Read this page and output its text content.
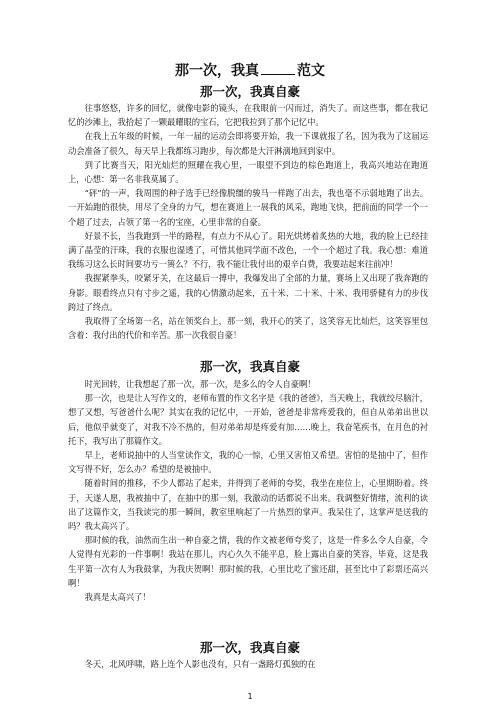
那一次，我真	范文
那一次，我真自豪

往事悠悠，许多的回忆，就像电影的镜头，在我眼前一闪而过，消失了。而这些事，都在我记忆的沙滩上，我拾起了一颗最耀眼的宝石，它把我拉到了那个记忆中。

在我上五年级的时候，一年一届的运动会即将要开始，我一下课就报了名，因为我为了这届运动会准备了很久，每天早上我都练习跑步，每次都是大汗淋漓地回到家中。

到了比赛当天，阳光灿烂的照耀在我心里，一眼望不到边的棕色跑道上，我高兴地站在跑道上，心想：第一名非我莫属了。

“砰”的一声，我周围的种子选手已经像脱缰的骏马一样跑了出去，我也毫不示弱地跑了出去。一开始跑的很快，用尽了全身的力气，想在赛道上一展我的风采，跑地飞快，把前面的同学一个一个超了过去，占领了第一名的宝座，心里非常的自豪。

好景不长，当我跑到一半的路程，有点力不从心了。阳光烘烤着炙热的大地，我的脸上已经挂满了晶莹的汗珠，我的衣服也湿透了，可惜其他同学面不改色，一个一个超过了我。我心想：难道我练习这么长时间要功亏一篑么？不行，我不能让我付出的艰辛白费，我要站起来往前冲！

我握紧拳头，咬紧牙关，在这最后一搏中，我爆发出了全部的力量，赛场上又出现了我奔跑的身影。眼看终点只有寸步之遥，我的心情激动起来，五十米、二十米、十米、我用骄健有力的步伐跨过了终点。

我取得了全场第一名，站在领奖台上，那一刻，我开心的笑了，这笑容无比灿烂，这笑容里包含着：我付出的代价和辛苦。那一次我很自豪！

那一次，我真自豪

时光回转，让我想起了那一次，那一次，是多么的令人自豪啊！

那一次，也是让人写作文的，老师布置的作文名字是《我的爸爸》，当天晚上，我就绞尽脑汁，想了又想，写爸爸什么呢？其实在我的记忆中，一开始，爸爸是非常疼爱我的，但自从弟弟出世以后，他似乎就变了，对我不冷不热的，但对弟弟却是疼爱有加……晚上，我奋笔疾书，在月色的衬托下，我写出了那篇作文。

早上，老师说抽中的人当堂读作文，我的心一惊，心里又害怕又希望。害怕的是抽中了，但作文写得不好，怎么办？希望的是被抽中。

随着时间的推移，不少人都站了起来，并得到了老师的夸奖，我坐在座位上，心里期盼着。终于，天遂人愿，我被抽中了，在抽中的那一刻，我激动的话都说不出来。我调整好情绪，流利的读出了这篇作文，当我读完的那一瞬间，教室里响起了一片热烈的掌声。我呆住了，这掌声是送我的吗？我太高兴了。

那时候的我，油然而生出一种自豪之情，我的作文被老师夸奖了，这是一件多么令人自豪，令人觉得有光彩的一件事啊！我站在那儿，内心久久不能平息，脸上露出自豪的笑容，毕竟，这是我生平第一次有人为我鼓掌，为我庆贺啊！那时候的我，心里比吃了蜜还甜，甚至比中了彩票还高兴啊！

我真是太高兴了！

那一次，我真自豪

冬天，北风呼啸，路上连个人影也没有，只有一盏路灯孤独的在

1
